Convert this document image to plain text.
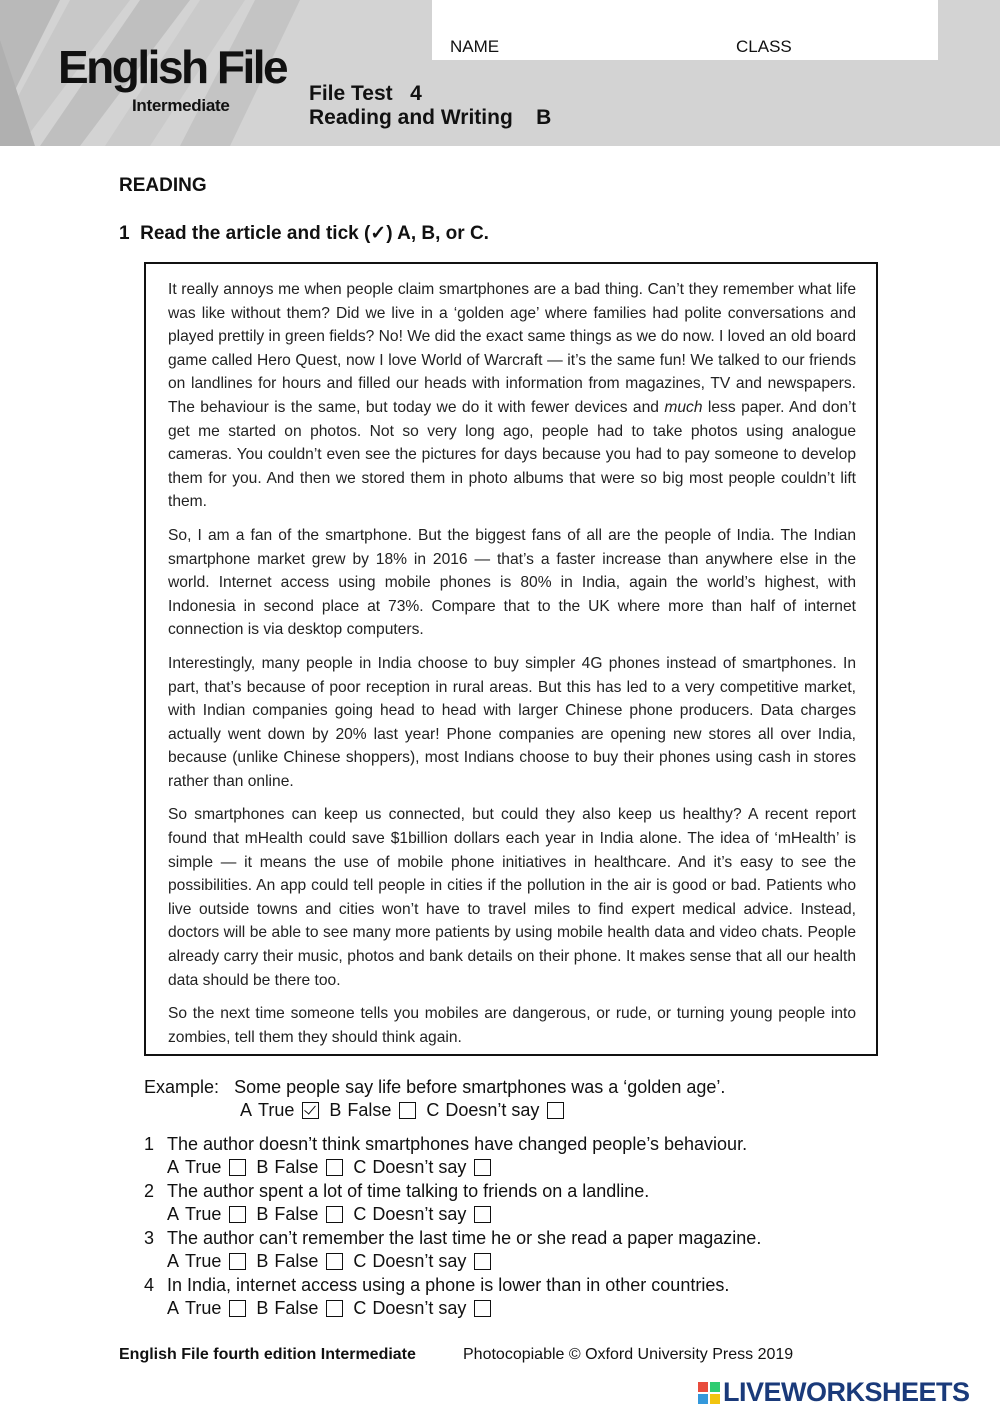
English File
Intermediate
NAME	CLASS
File Test   4
Reading and Writing    B
READING
1  Read the article and tick (✓) A, B, or C.

It really annoys me when people claim smartphones are a bad thing. Can’t they remember what life was like without them? Did we live in a ‘golden age’ where families had polite conversations and played prettily in green fields? No! We did the exact same things as we do now. I loved an old board game called Hero Quest, now I love World of Warcraft — it’s the same fun! We talked to our friends on landlines for hours and filled our heads with information from magazines, TV and newspapers. The behaviour is the same, but today we do it with fewer devices and much less paper. And don’t get me started on photos. Not so very long ago, people had to take photos using analogue cameras. You couldn’t even see the pictures for days because you had to pay someone to develop them for you. And then we stored them in photo albums that were so big most people couldn’t lift them.

So, I am a fan of the smartphone. But the biggest fans of all are the people of India. The Indian smartphone market grew by 18% in 2016 — that’s a faster increase than anywhere else in the world. Internet access using mobile phones is 80% in India, again the world’s highest, with Indonesia in second place at 73%. Compare that to the UK where more than half of internet connection is via desktop computers.

Interestingly, many people in India choose to buy simpler 4G phones instead of smartphones. In part, that’s because of poor reception in rural areas. But this has led to a very competitive market, with Indian companies going head to head with larger Chinese phone producers. Data charges actually went down by 20% last year! Phone companies are opening new stores all over India, because (unlike Chinese shoppers), most Indians choose to buy their phones using cash in stores rather than online.

So smartphones can keep us connected, but could they also keep us healthy? A recent report found that mHealth could save $1billion dollars each year in India alone. The idea of ‘mHealth’ is simple — it means the use of mobile phone initiatives in healthcare. And it’s easy to see the possibilities. An app could tell people in cities if the pollution in the air is good or bad. Patients who live outside towns and cities won’t have to travel miles to find expert medical advice. Instead, doctors will be able to see many more patients by using mobile health data and video chats. People already carry their music, photos and bank details on their phone. It makes sense that all our health data should be there too.

So the next time someone tells you mobiles are dangerous, or rude, or turning young people into zombies, tell them they should think again.

Example: Some people say life before smartphones was a ‘golden age’.
A True B False C Doesn’t say
1 The author doesn’t think smartphones have changed people’s behaviour.
A True B False C Doesn’t say
2 The author spent a lot of time talking to friends on a landline.
A True B False C Doesn’t say
3 The author can’t remember the last time he or she read a paper magazine.
A True B False C Doesn’t say
4 In India, internet access using a phone is lower than in other countries.
A True B False C Doesn’t say
English File fourth edition Intermediate	Photocopiable © Oxford University Press 2019
LIVEWORKSHEETS
